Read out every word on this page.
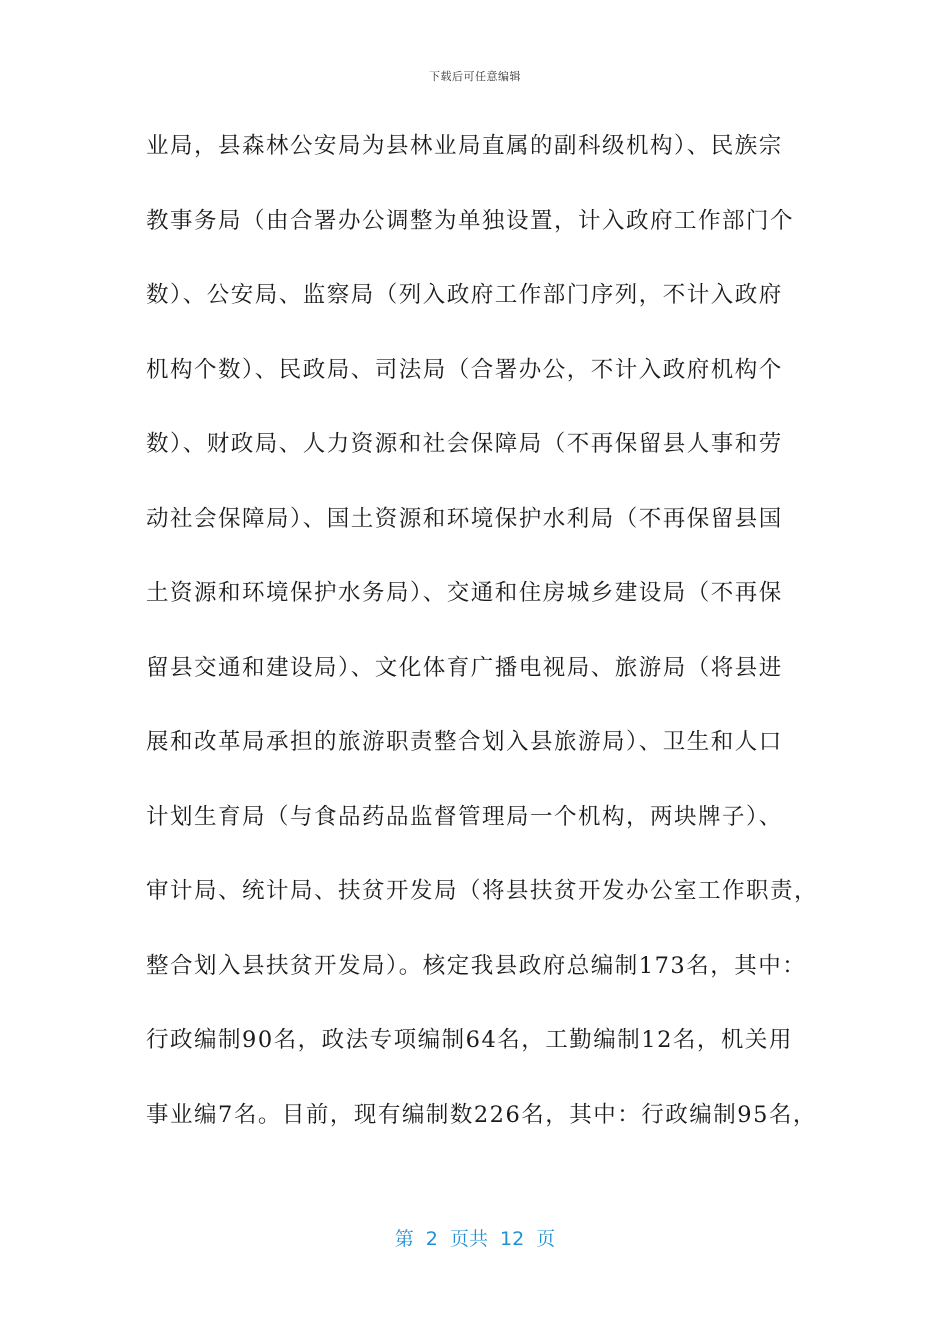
下载后可任意编辑
业局，县森林公安局为县林业局直属的副科级机构）、民族宗
教事务局（由合署办公调整为单独设置，计入政府工作部门个
数）、公安局、监察局（列入政府工作部门序列，不计入政府
机构个数）、民政局、司法局（合署办公，不计入政府机构个
数）、财政局、人力资源和社会保障局（不再保留县人事和劳
动社会保障局）、国土资源和环境保护水利局（不再保留县国
土资源和环境保护水务局）、交通和住房城乡建设局（不再保
留县交通和建设局）、文化体育广播电视局、旅游局（将县进
展和改革局承担的旅游职责整合划入县旅游局）、卫生和人口
计划生育局（与食品药品监督管理局一个机构，两块牌子）、
审计局、统计局、扶贫开发局（将县扶贫开发办公室工作职责，
整合划入县扶贫开发局）。核定我县政府总编制173名，其中：
行政编制90名，政法专项编制64名，工勤编制12名，机关用
事业编7名。目前，现有编制数226名，其中：行政编制95名，
第  2  页共  12  页
